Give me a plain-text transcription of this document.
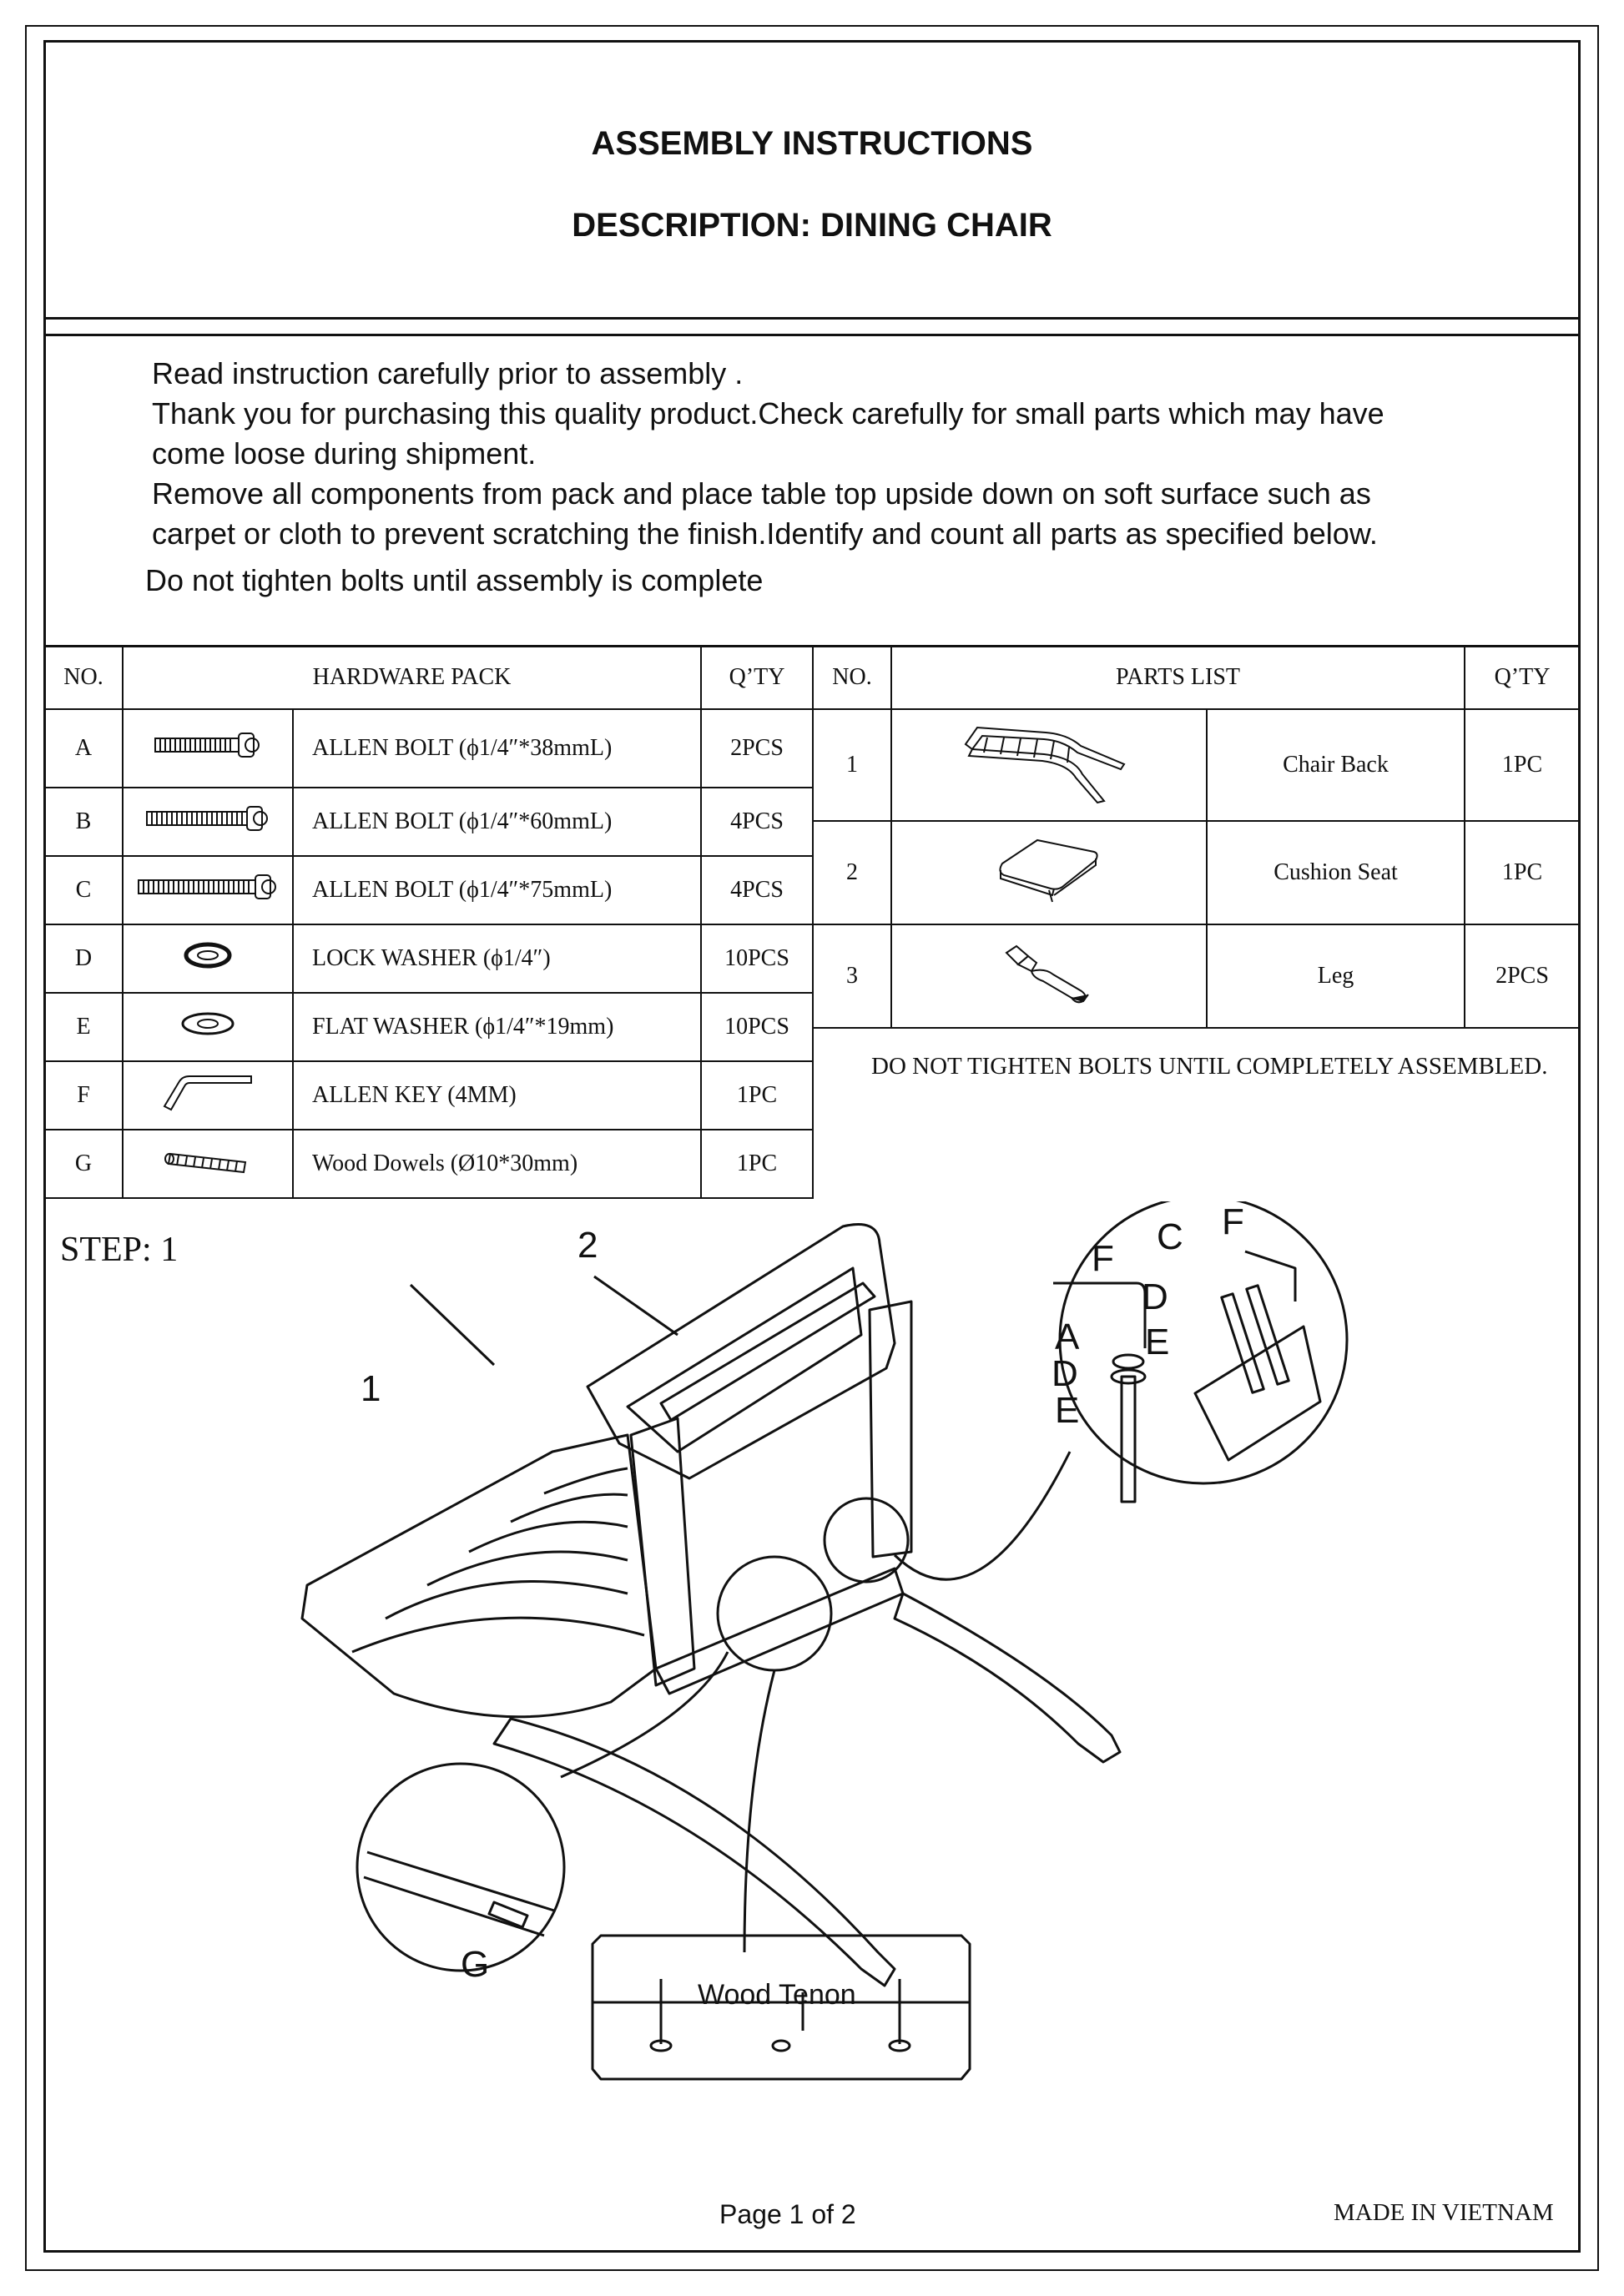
ASSEMBLY INSTRUCTIONS
DESCRIPTION: DINING CHAIR
Read instruction carefully prior to assembly .
Thank you for purchasing this quality product.Check carefully for small parts which may have
come loose during shipment.
Remove all components from pack and place table top upside down on soft surface such as
carpet or cloth to prevent scratching the finish.Identify and count all parts as specified below.
Do not tighten bolts until assembly is complete
NO.	HARDWARE PACK		Q’TY
A		ALLEN BOLT (ϕ1/4″*38mmL)	2PCS
B		ALLEN BOLT (ϕ1/4″*60mmL)	4PCS
C		ALLEN BOLT (ϕ1/4″*75mmL)	4PCS
D		LOCK WASHER (ϕ1/4″)	10PCS
E		FLAT WASHER (ϕ1/4″*19mm)	10PCS
F		ALLEN KEY (4MM)	1PC
G		Wood Dowels (Ø10*30mm)	1PC
NO.	PARTS LIST		Q’TY
1		Chair Back	1PC
2		Cushion Seat	1PC
3		Leg	2PCS
DO NOT TIGHTEN BOLTS UNTIL COMPLETELY ASSEMBLED.
STEP: 1	2
1
C F
F
D
E
A
D
E
G
Wood Tenon
Page 1 of 2	MADE IN VIETNAM
